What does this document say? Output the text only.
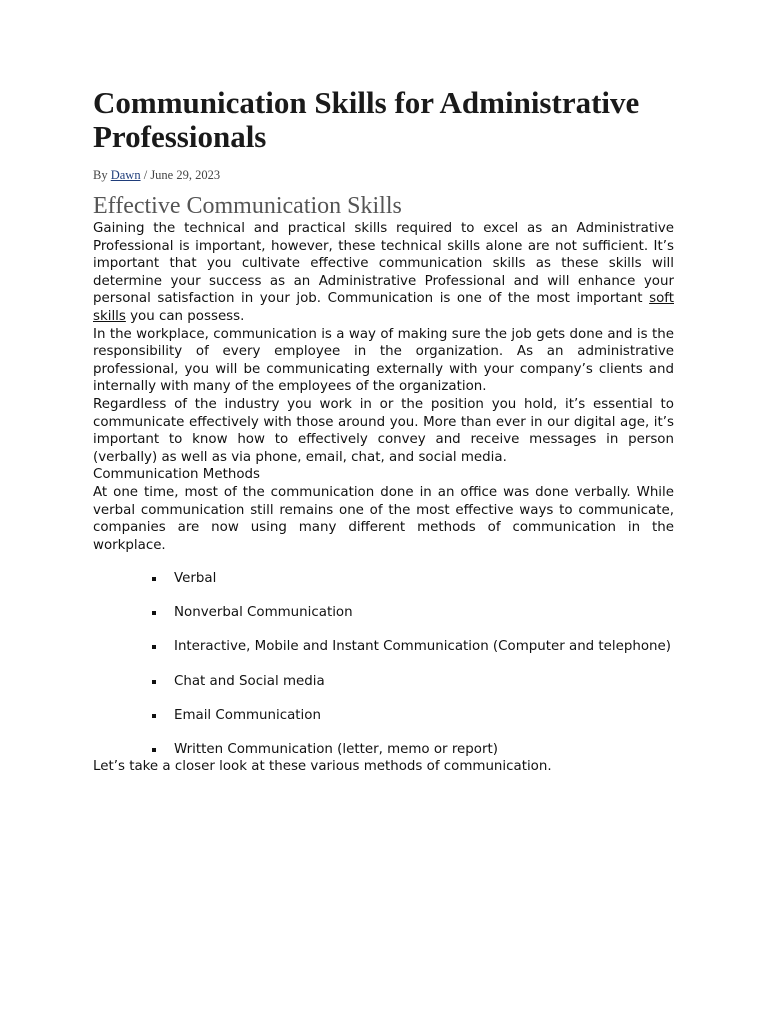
Communication Skills for Administrative Professionals
By Dawn / June 29, 2023
Effective Communication Skills

Gaining the technical and practical skills required to excel as an Administrative Professional is important, however, these technical skills alone are not sufficient. It’s important that you cultivate effective communication skills as these skills will determine your success as an Administrative Professional and will enhance your personal satisfaction in your job. Communication is one of the most important soft skills you can possess.

In the workplace, communication is a way of making sure the job gets done and is the responsibility of every employee in the organization. As an administrative professional, you will be communicating externally with your company’s clients and internally with many of the employees of the organization.

Regardless of the industry you work in or the position you hold, it’s essential to communicate effectively with those around you. More than ever in our digital age, it’s important to know how to effectively convey and receive messages in person (verbally) as well as via phone, email, chat, and social media.

Communication Methods

At one time, most of the communication done in an office was done verbally. While verbal communication still remains one of the most effective ways to communicate, companies are now using many different methods of communication in the workplace.

Verbal
Nonverbal Communication
Interactive, Mobile and Instant Communication (Computer and telephone)
Chat and Social media
Email Communication
Written Communication (letter, memo or report)

Let’s take a closer look at these various methods of communication.
